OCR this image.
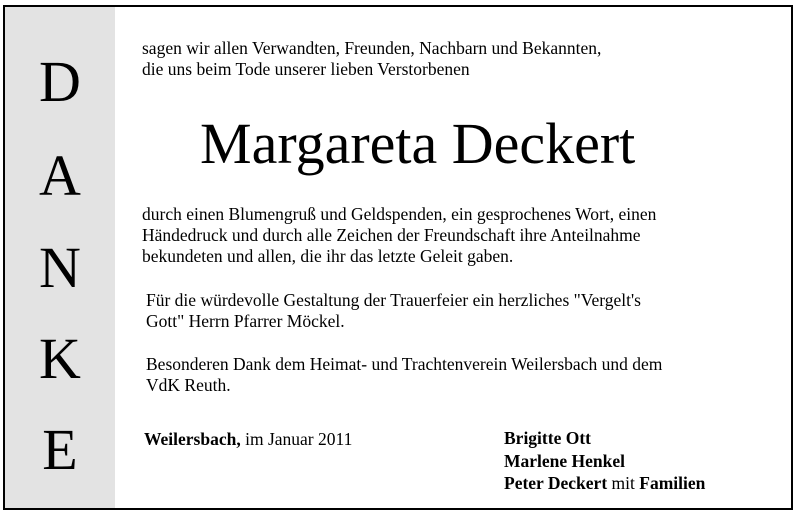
D
A
N
K
E
sagen wir allen Verwandten, Freunden, Nachbarn und Bekannten,
die uns beim Tode unserer lieben Verstorbenen
Margareta Deckert
durch einen Blumengruß und Geldspenden, ein gesprochenes Wort, einen
Händedruck und durch alle Zeichen der Freundschaft ihre Anteilnahme
bekundeten und allen, die ihr das letzte Geleit gaben.
Für die würdevolle Gestaltung der Trauerfeier ein herzliches "Vergelt's
Gott" Herrn Pfarrer Möckel.
Besonderen Dank dem Heimat- und Trachtenverein Weilersbach und dem
VdK Reuth.
Weilersbach, im Januar 2011	Brigitte Ott
Marlene Henkel
Peter Deckert mit Familien
